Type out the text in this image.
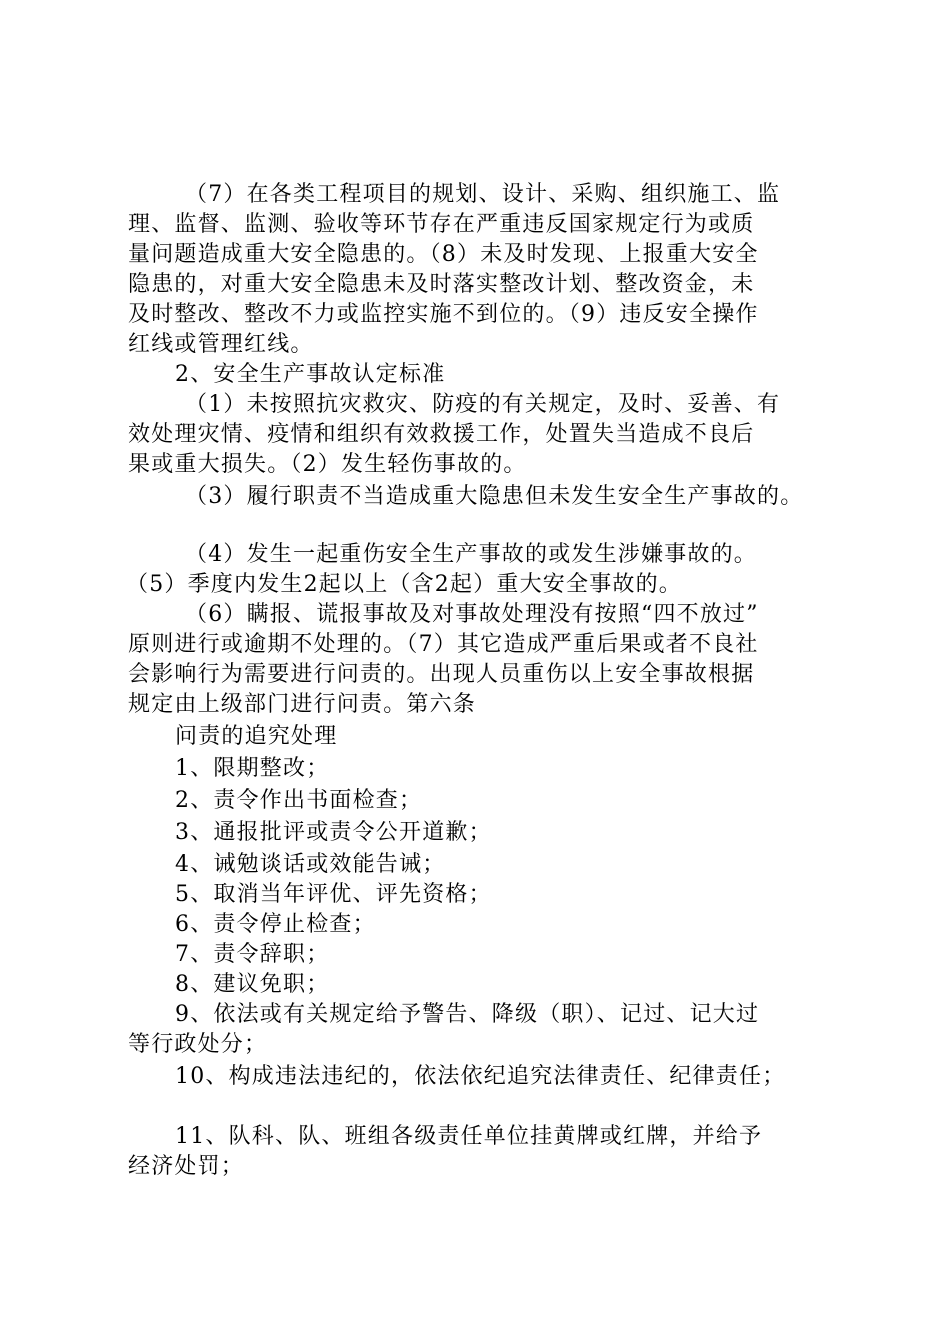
（7）在各类工程项目的规划、设计、采购、组织施工、监
理、监督、监测、验收等环节存在严重违反国家规定行为或质
量问题造成重大安全隐患的。（8）未及时发现、上报重大安全
隐患的，对重大安全隐患未及时落实整改计划、整改资金，未
及时整改、整改不力或监控实施不到位的。（9）违反安全操作
红线或管理红线。
2、安全生产事故认定标准
（1）未按照抗灾救灾、防疫的有关规定，及时、妥善、有
效处理灾情、疫情和组织有效救援工作，处置失当造成不良后
果或重大损失。（2）发生轻伤事故的。
（3）履行职责不当造成重大隐患但未发生安全生产事故的。
（4）发生一起重伤安全生产事故的或发生涉嫌事故的。
（5）季度内发生2起以上（含2起）重大安全事故的。
（6）瞒报、谎报事故及对事故处理没有按照“四不放过”
原则进行或逾期不处理的。（7）其它造成严重后果或者不良社
会影响行为需要进行问责的。出现人员重伤以上安全事故根据
规定由上级部门进行问责。第六条
问责的追究处理
1、限期整改；
2、责令作出书面检查；
3、通报批评或责令公开道歉；
4、诫勉谈话或效能告诫；
5、取消当年评优、评先资格；
6、责令停止检查；
7、责令辞职；
8、建议免职；
9、依法或有关规定给予警告、降级（职）、记过、记大过
等行政处分；
10、构成违法违纪的，依法依纪追究法律责任、纪律责任；
11、队科、队、班组各级责任单位挂黄牌或红牌，并给予
经济处罚；
